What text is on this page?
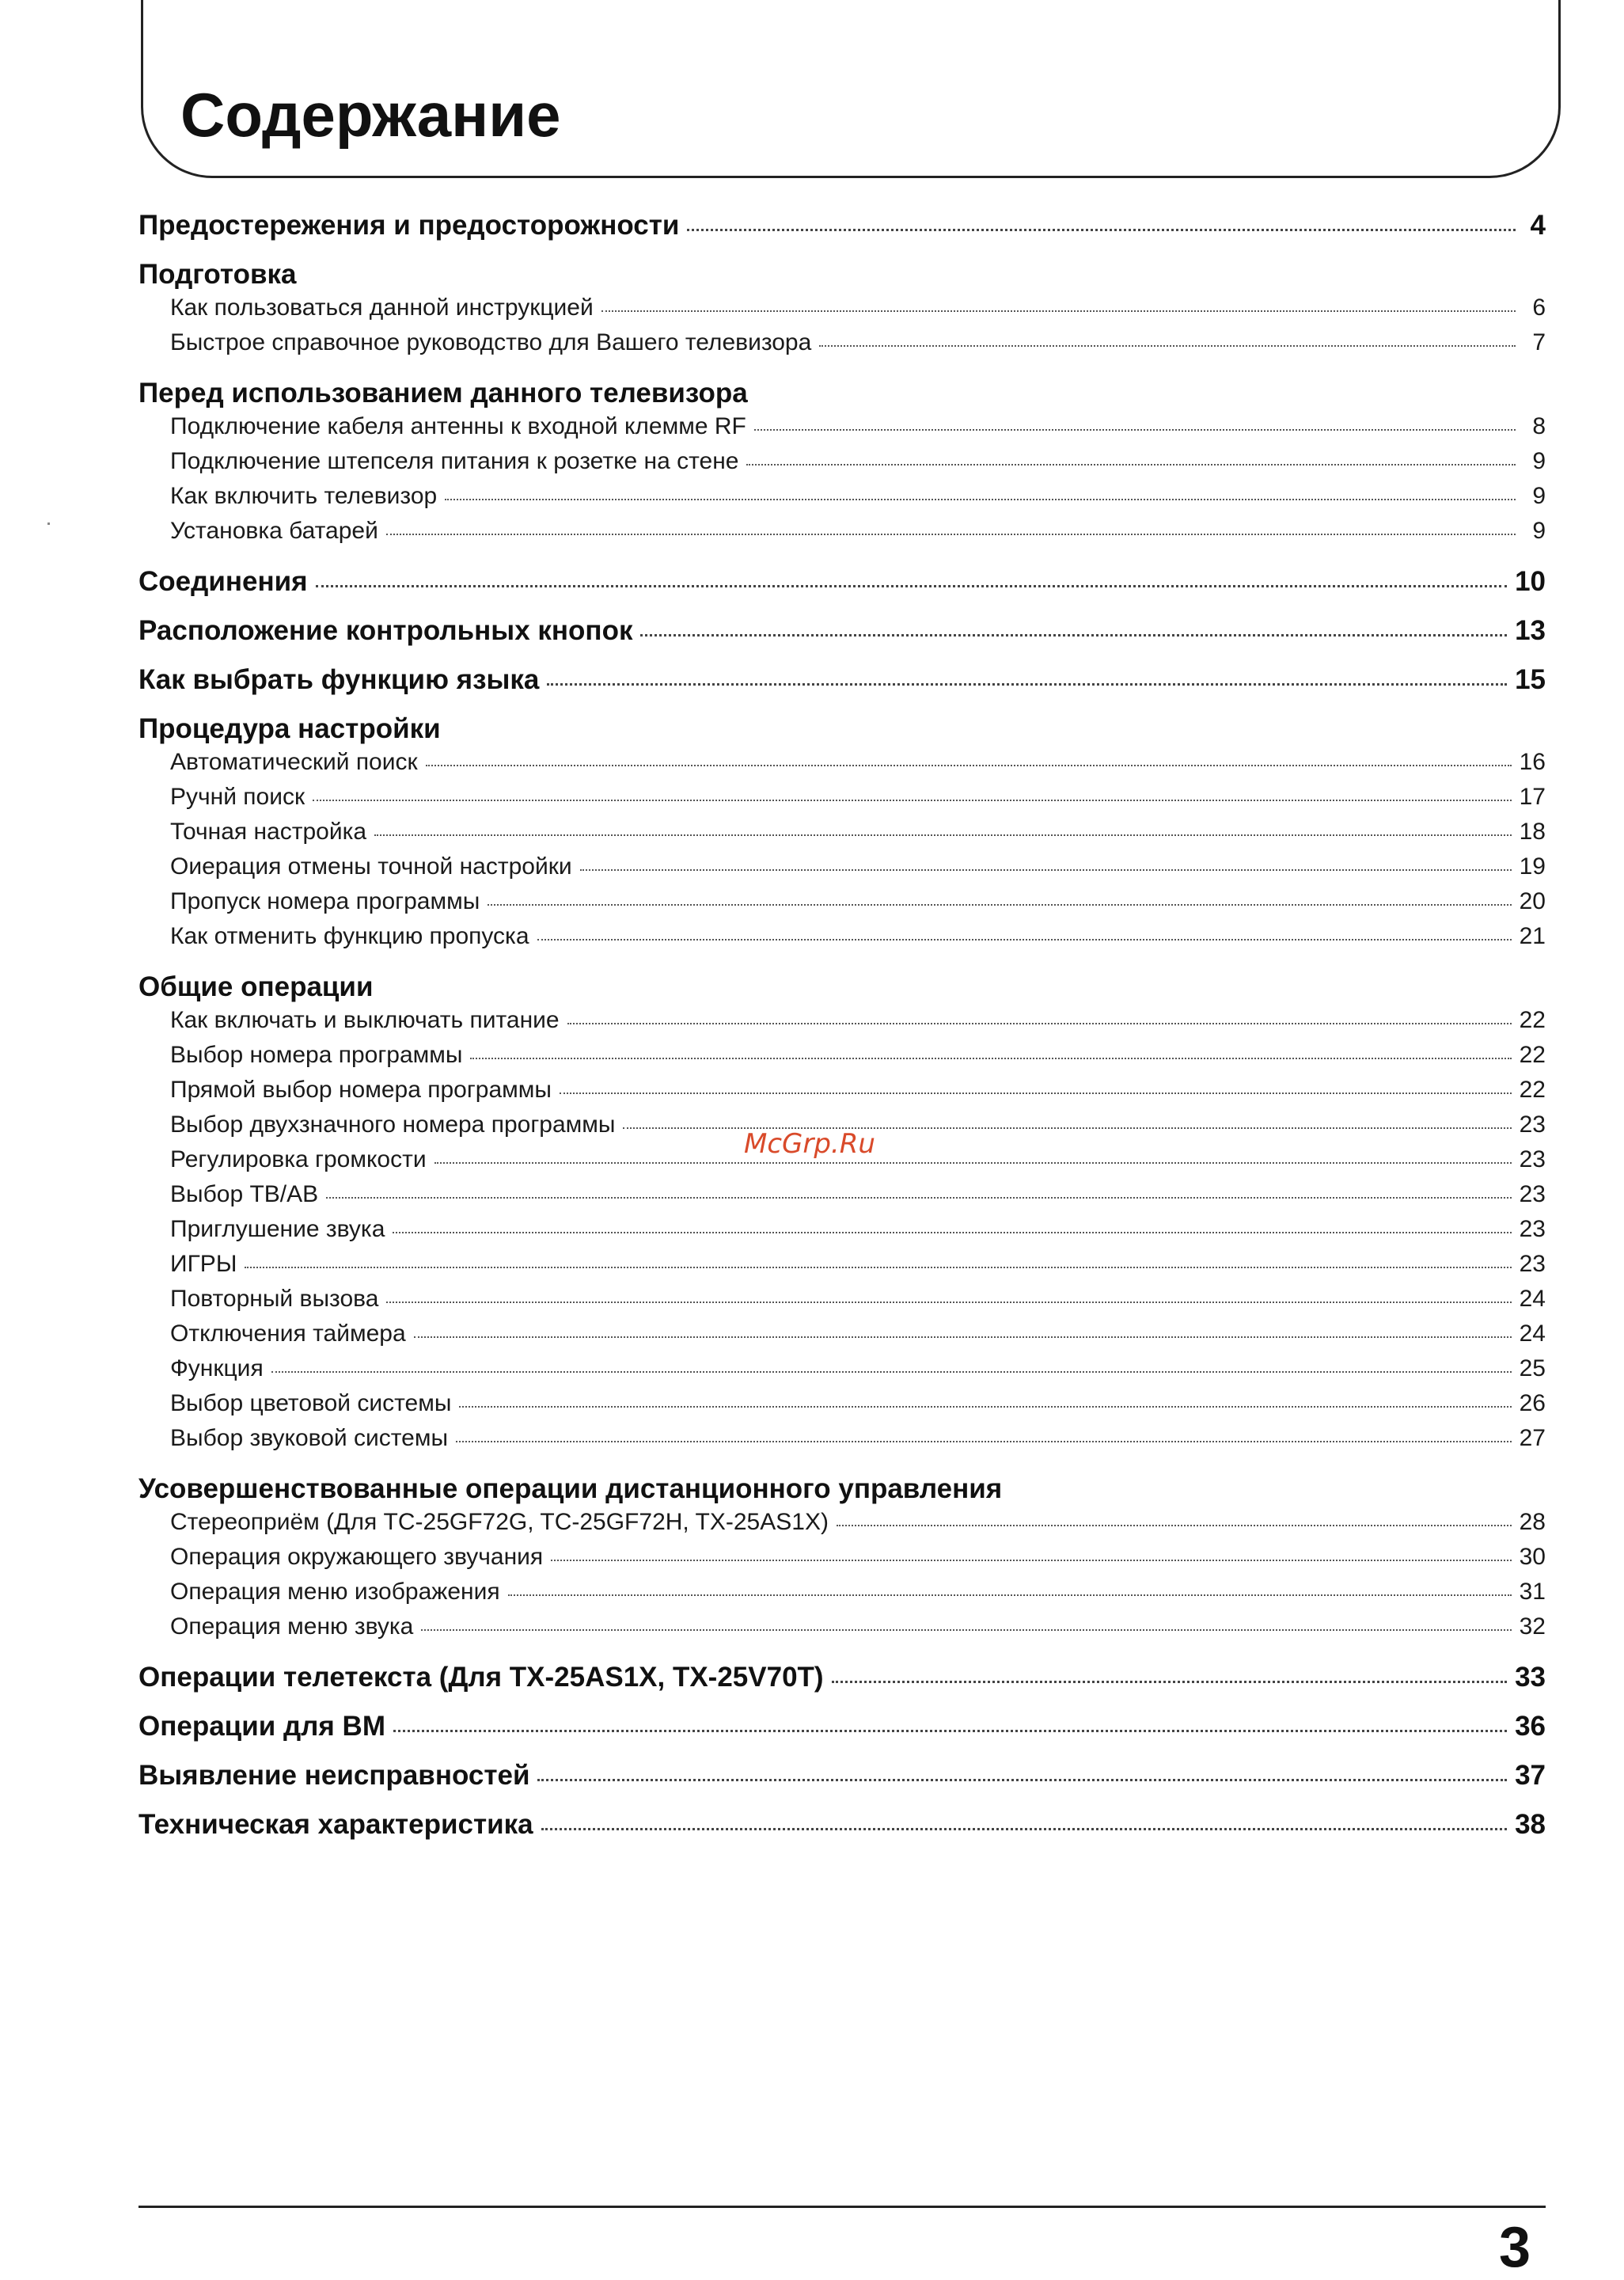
Содержание
Предостережения и предосторожности	4
Подготовка
Как пользоваться данной инструкцией	6
Быстрое справочное руководство для Вашего телевизора	7
Перед использованием данного телевизора
Подключение кабеля антенны к входной клемме RF	8
Подключение штепселя питания к розетке на стене	9
Как включить телевизор	9
Установка батарей	9
Соединения	10
Расположение контрольных кнопок	13
Как выбрать функцию языка	15
Процедура настройки
Автоматический поиск	16
Ручнй поиск	17
Точная настройка	18
Оиерация отмены точной настройки	19
Пропуск номера программы	20
Как отменить функцию пропуска	21
Общие операции
Как включать и выключать питание	22
Выбор номера программы	22
Прямой выбор номера программы	22
Выбор двухзначного номера программы	23
Регулировка громкости	23
Выбор ТВ/АВ	23
Приглушение звука	23
ИГРЫ	23
Повторный вызова	24
Отключения таймера	24
Функция	25
Выбор цветовой системы	26
Выбор звуковой системы	27
Усовершенствованные операции дистанционного управления
Стереоприём (Для TC-25GF72G, TC-25GF72H, TX-25AS1X)	28
Операция окружающего звучания	30
Операция меню изображения	31
Операция меню звука	32
Операции телетекста (Для TX-25AS1X, TX-25V70T)	33
Операции для ВМ	36
Выявление неисправностей	37
Техническая характеристика	38
McGrp.Ru
3
